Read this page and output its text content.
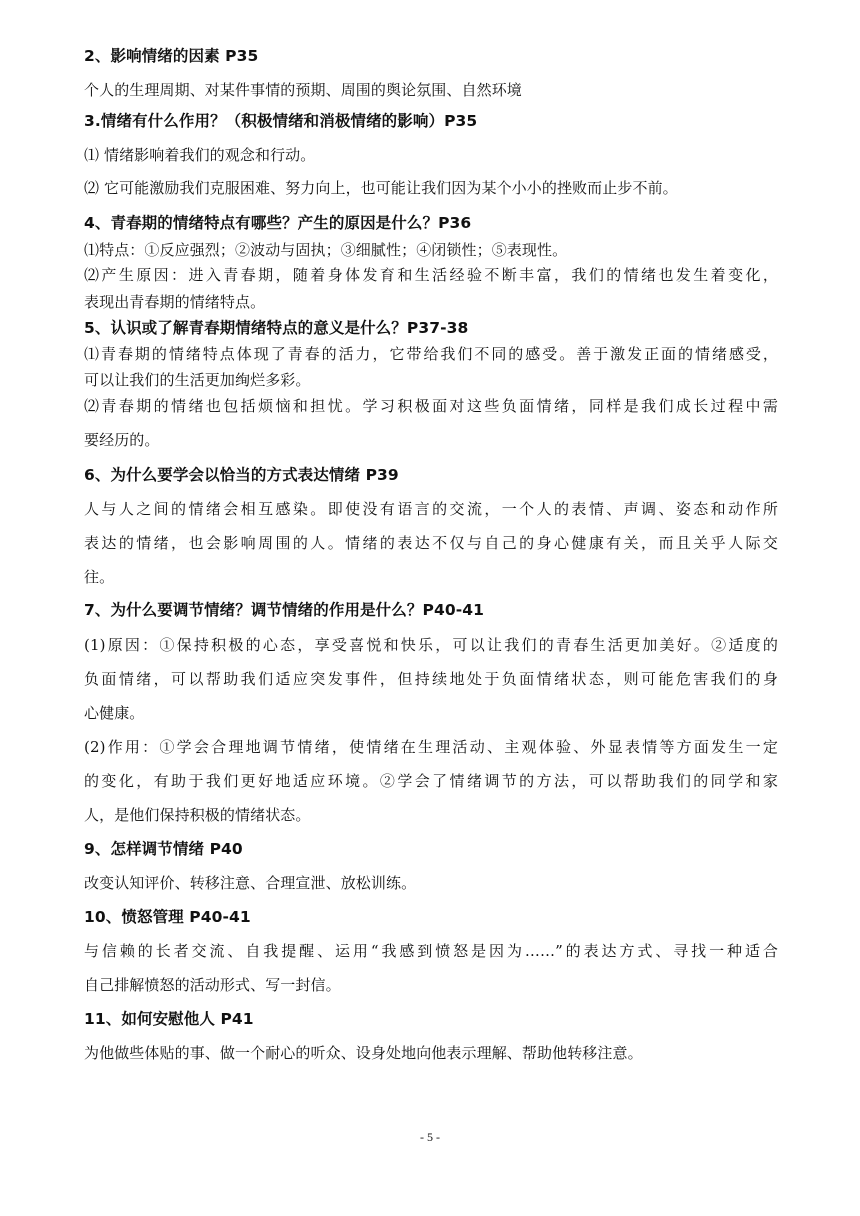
2、影响情绪的因素 P35
个人的生理周期、对某件事情的预期、周围的舆论氛围、自然环境
3.情绪有什么作用？（积极情绪和消极情绪的影响）P35
⑴ 情绪影响着我们的观念和行动。
⑵ 它可能激励我们克服困难、努力向上，也可能让我们因为某个小小的挫败而止步不前。
4、青春期的情绪特点有哪些？产生的原因是什么？P36
⑴特点：①反应强烈；②波动与固执；③细腻性；④闭锁性；⑤表现性。
⑵产生原因：进入青春期，随着身体发育和生活经验不断丰富，我们的情绪也发生着变化，
表现出青春期的情绪特点。
5、认识或了解青春期情绪特点的意义是什么？P37-38
⑴青春期的情绪特点体现了青春的活力，它带给我们不同的感受。善于激发正面的情绪感受，
可以让我们的生活更加绚烂多彩。
⑵青春期的情绪也包括烦恼和担忧。学习积极面对这些负面情绪，同样是我们成长过程中需
要经历的。
6、为什么要学会以恰当的方式表达情绪 P39
人与人之间的情绪会相互感染。即使没有语言的交流，一个人的表情、声调、姿态和动作所
表达的情绪，也会影响周围的人。情绪的表达不仅与自己的身心健康有关，而且关乎人际交
往。
7、为什么要调节情绪？调节情绪的作用是什么？P40-41
(1)原因：①保持积极的心态，享受喜悦和快乐，可以让我们的青春生活更加美好。②适度的
负面情绪，可以帮助我们适应突发事件，但持续地处于负面情绪状态，则可能危害我们的身
心健康。
(2)作用：①学会合理地调节情绪，使情绪在生理活动、主观体验、外显表情等方面发生一定
的变化，有助于我们更好地适应环境。②学会了情绪调节的方法，可以帮助我们的同学和家
人，是他们保持积极的情绪状态。
9、怎样调节情绪 P40
改变认知评价、转移注意、合理宣泄、放松训练。
10、愤怒管理 P40-41
与信赖的长者交流、自我提醒、运用“我感到愤怒是因为……”的表达方式、寻找一种适合
自己排解愤怒的活动形式、写一封信。
11、如何安慰他人 P41
为他做些体贴的事、做一个耐心的听众、设身处地向他表示理解、帮助他转移注意。
- 5 -
